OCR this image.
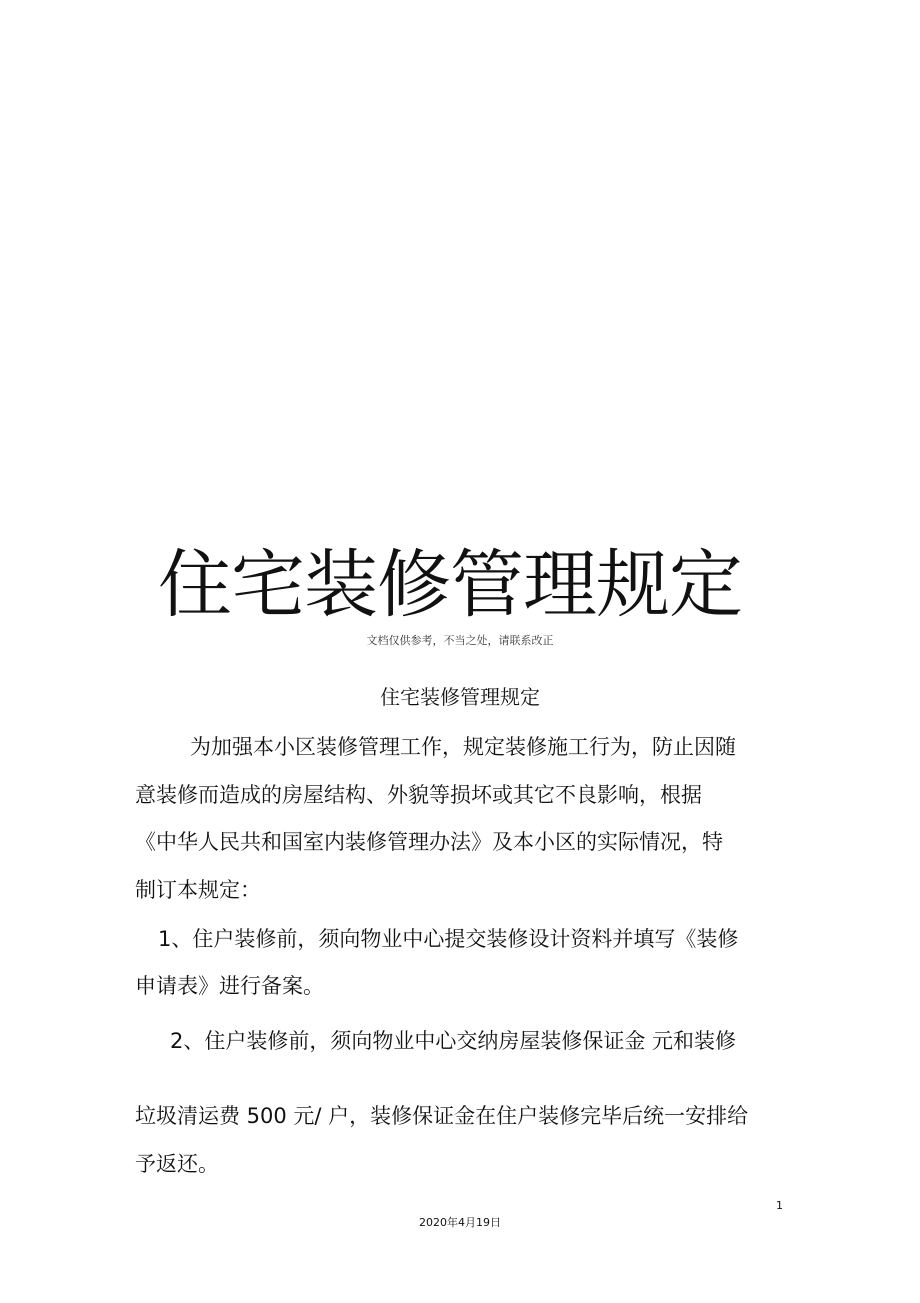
住宅装修管理规定
文档仅供参考，不当之处，请联系改正
住宅装修管理规定
为加强本小区装修管理工作，规定装修施工行为，防止因随
意装修而造成的房屋结构、外貌等损坏或其它不良影响，根据
《中华人民共和国室内装修管理办法》及本小区的实际情况，特
制订本规定：
1、住户装修前，须向物业中心提交装修设计资料并填写《装修
申请表》进行备案。
2、住户装修前，须向物业中心交纳房屋装修保证金 元和装修
垃圾清运费 500 元/ 户，装修保证金在住户装修完毕后统一安排给
予返还。
1
2020年4月19日
